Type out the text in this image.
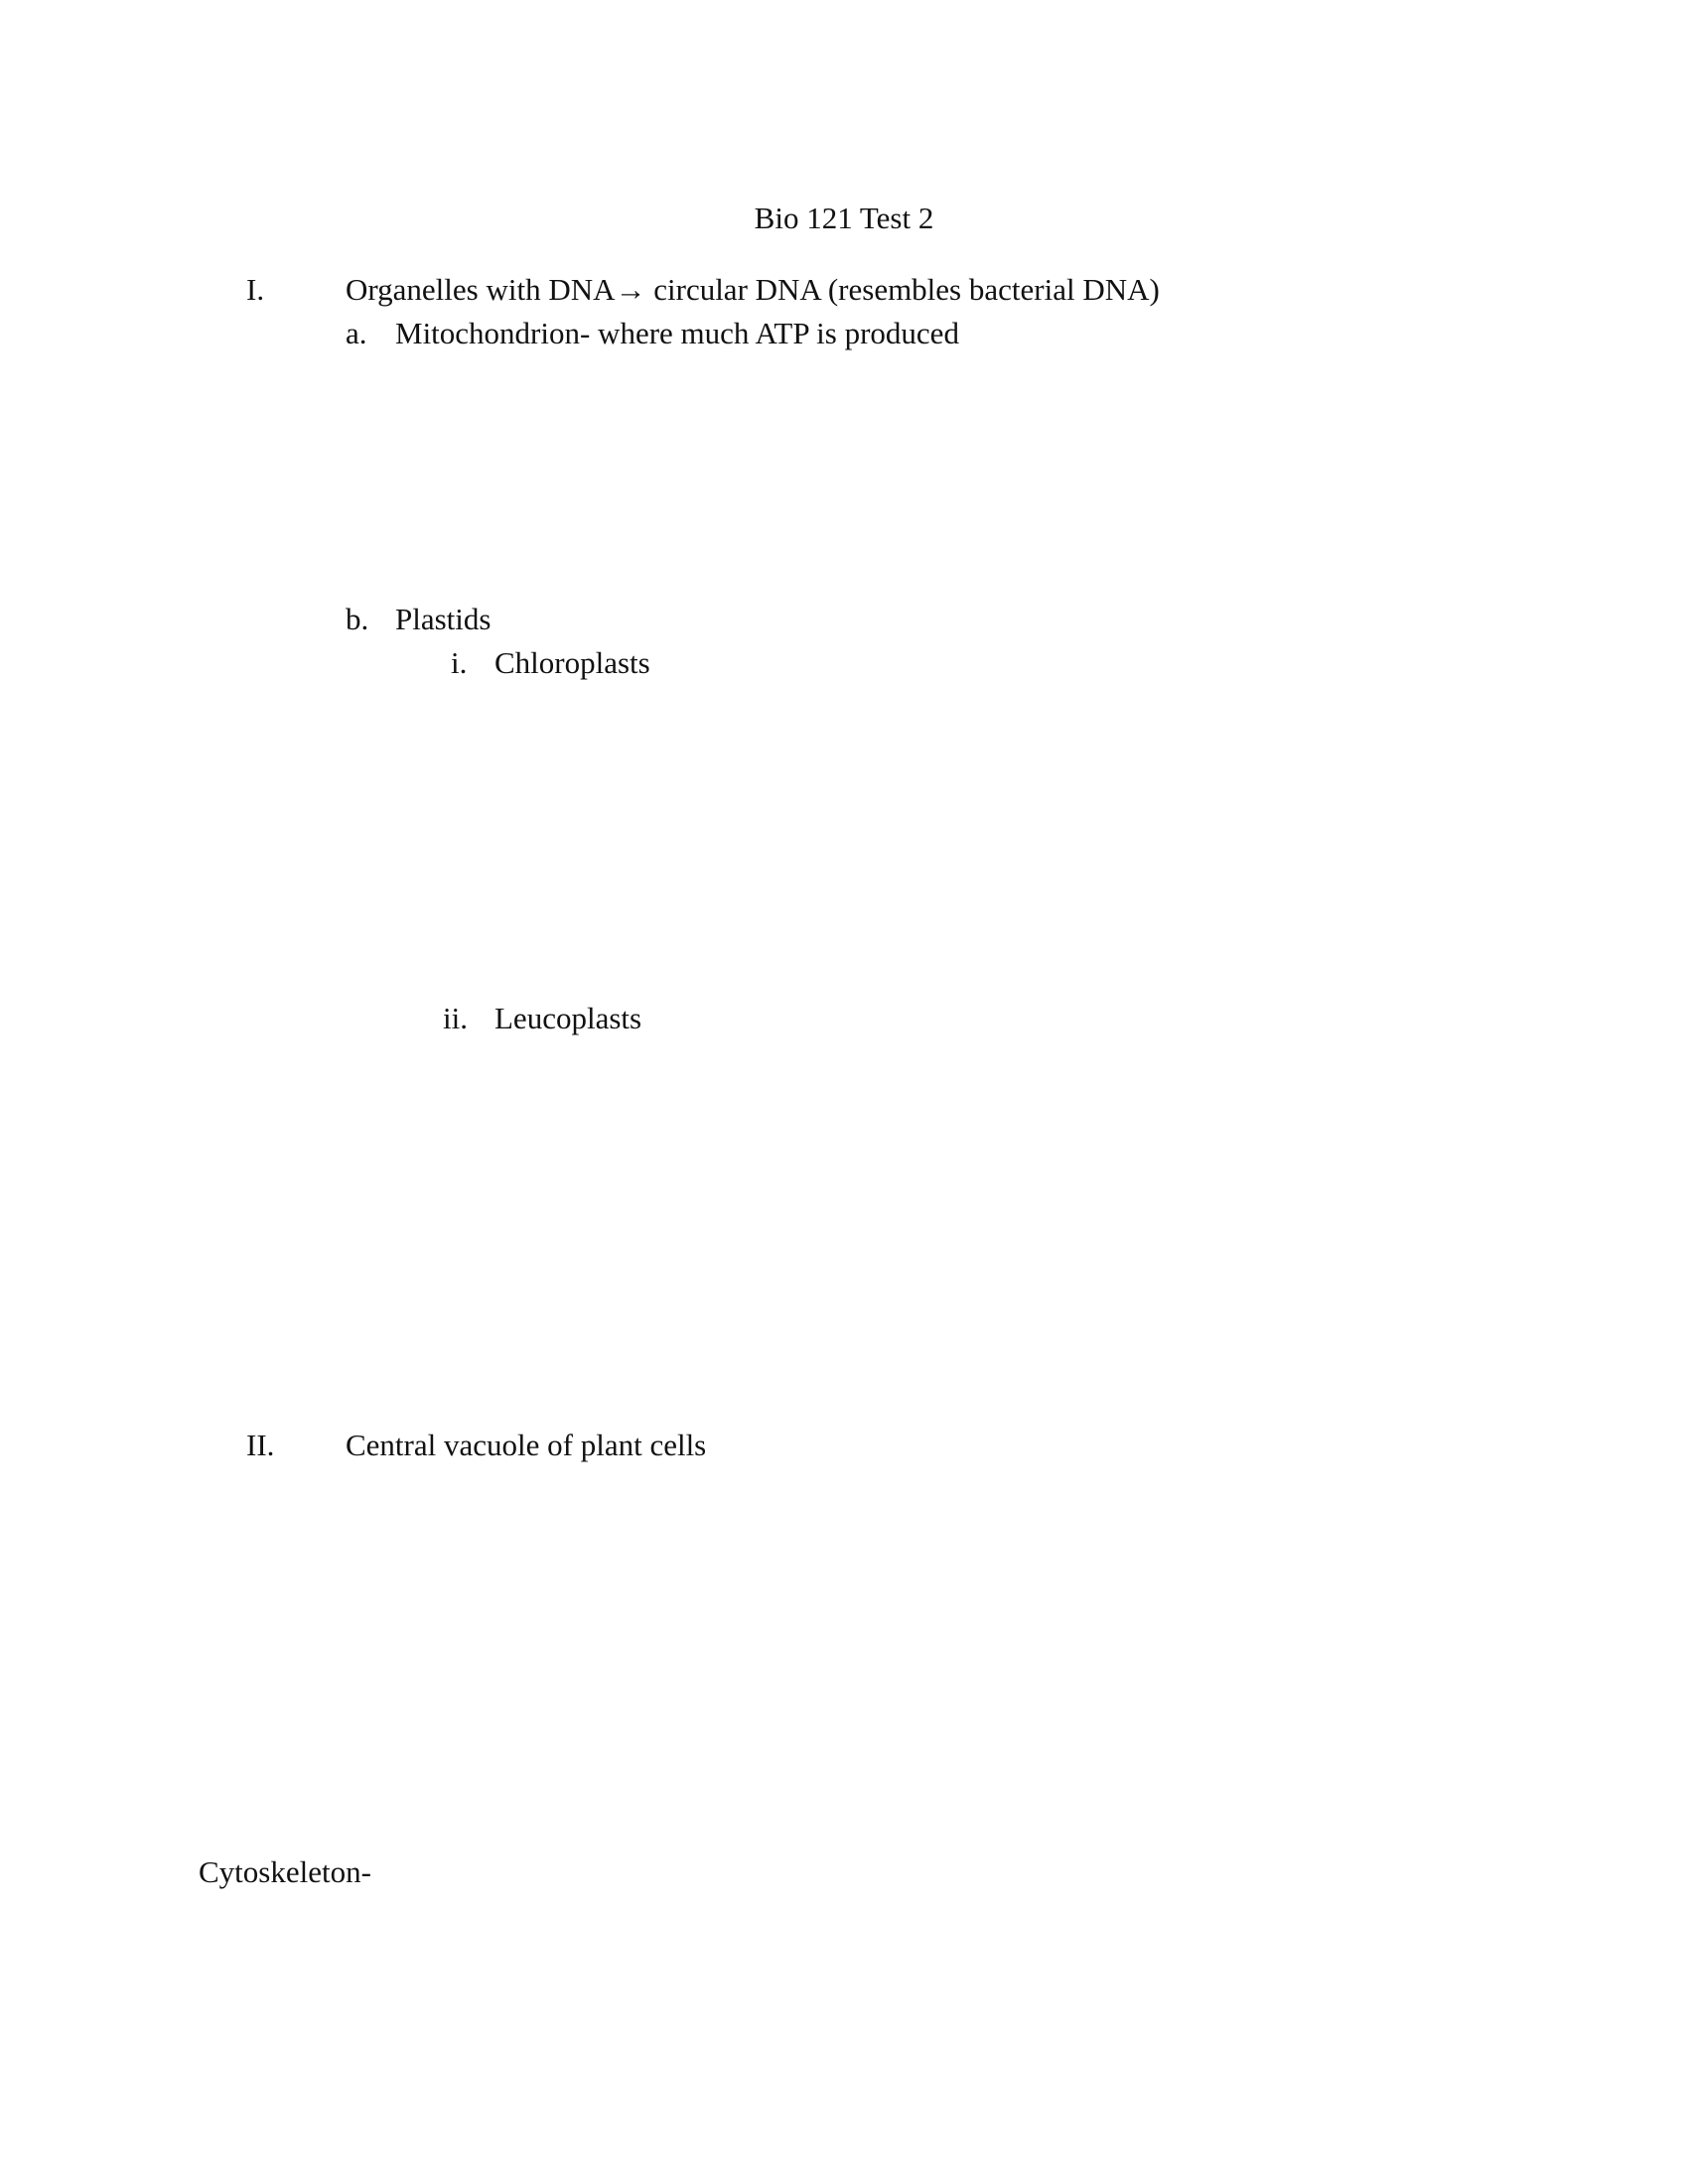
Bio 121 Test 2
I.	Organelles with DNA→ circular DNA (resembles bacterial DNA)
a. Mitochondrion- where much ATP is produced
b. Plastids
i. Chloroplasts
ii. Leucoplasts
II. Central vacuole of plant cells
Cytoskeleton-
